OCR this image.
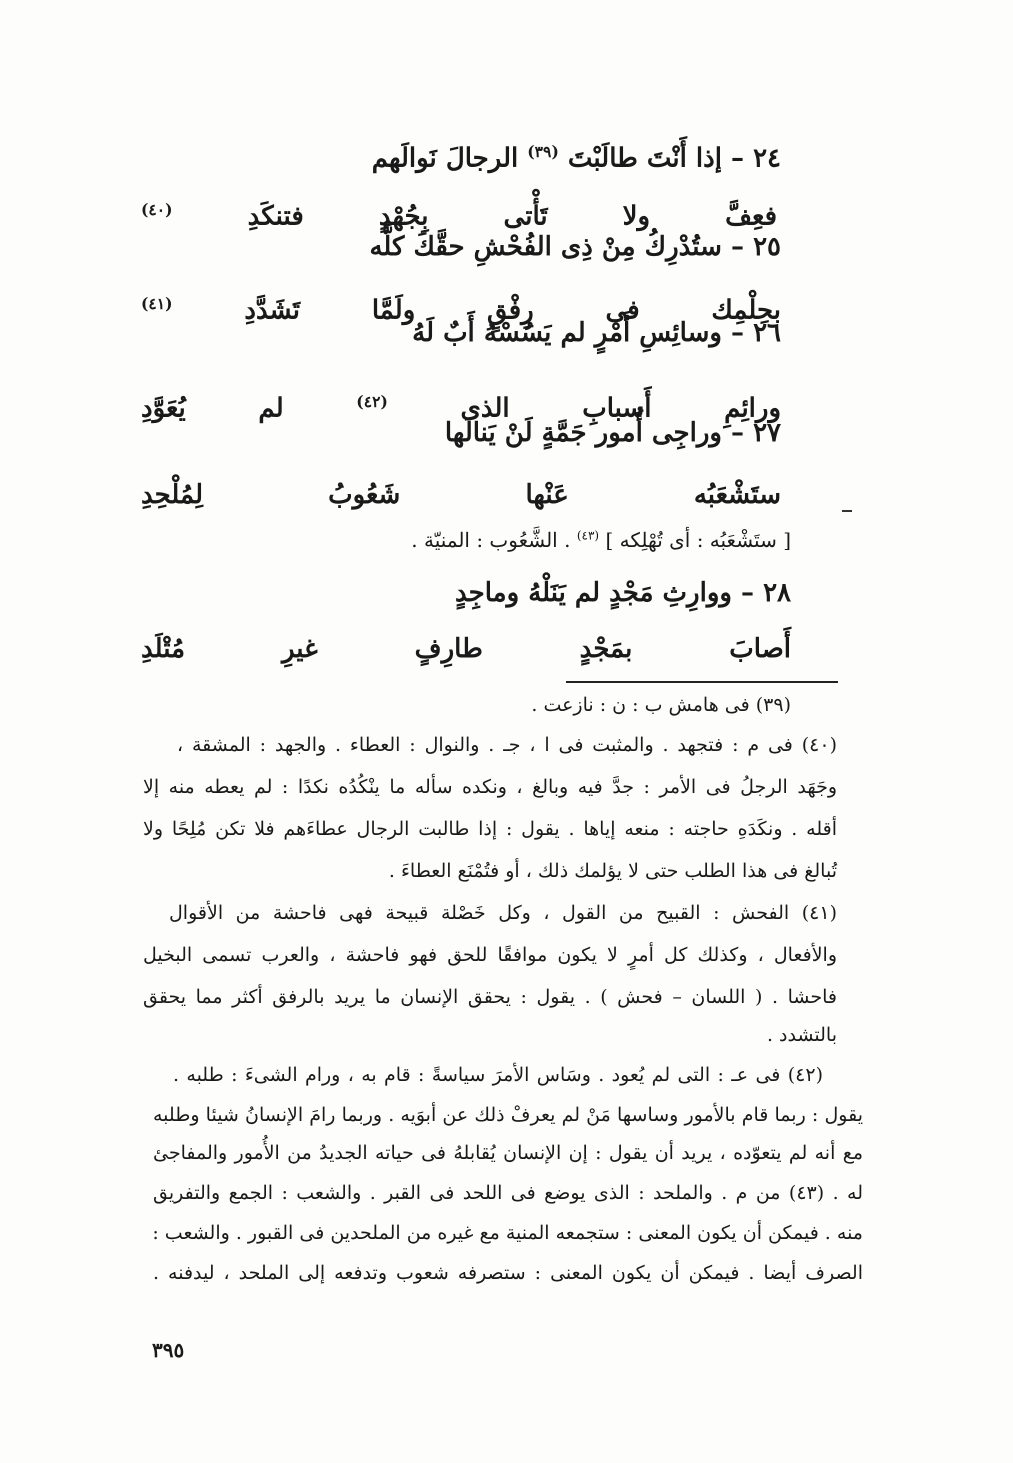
٢٤ – إذا أَنْتَ طالَبْتَ $^{(٣٩)}$ الرجالَ نَوالَهم
فعِفَّ ولا تَأْتى بِجُهْدٍ فتنكَدِ $^{(٤٠)}$
٢٥ – ستُدْرِكُ مِنْ ذِى الفُحْشِ حقَّكَ كلَّه
بحِلْمِك فى رِفْقٍ ولَمَّا تَشَدَّدِ $^{(٤١)}$
٢٦ – وسائِسِ أَمْرٍ لم يَسُسْهُ أَبٌ لَهُ
ورائِمِ أَسبابِ الذى $^{(٤٢)}$ لم يُعَوَّدِ
٢٧ – وراجِى أُمور جَمَّةٍ لَنْ يَنالَها
ستَشْعَبُه عَنْها شَعُوبُ لِمُلْحِدِ
[ ستَشْعَبُه : أى تُهْلِكه ] $^{(٤٣)}$ . الشَّعُوب : المنيّة .
٢٨ – ووارِثِ مَجْدٍ لم يَنَلْهُ وماجِدٍ
أَصابَ بمَجْدٍ طارِفٍ غيرِ مُتْلَدِ
(٣٩) فى هامش ب : ن : نازعت .
(٤٠) فى م : فتجهد . والمثبت فى ا ، جـ . والنوال : العطاء . والجهد : المشقة ،
وجَهَد الرجلُ فى الأمر : جدَّ فيه وبالغ ، ونكده سأله ما ينْكُدُه نكدًا : لم يعطه منه إلا
أقله . ونكَدَهِ حاجته : منعه إياها . يقول : إذا طالبت الرجال عطاءَهم فلا تكن مُلِحًا ولا
تُبالغ فى هذا الطلب حتى لا يؤلمك ذلك ، أو فتُمْنَع العطاءَ .
(٤١) الفحش : القبيح من القول ، وكل خَصْلة قبيحة فهى فاحشة من الأقوال
والأفعال ، وكذلك كل أمرٍ لا يكون موافقًا للحق فهو فاحشة ، والعرب تسمى البخيل
فاحشا . ( اللسان – فحش ) . يقول : يحقق الإنسان ما يريد بالرفق أكثر مما يحقق
بالتشدد .
(٤٢) فى عـ : التى لم يُعود . وسَاس الأمرَ سياسةً : قام به ، ورام الشىءَ : طلبه .
يقول : ربما قام بالأمور وساسها مَنْ لم يعرفْ ذلك عن أبوَيه . وربما رامَ الإنسانُ شيئا وطلبه
مع أنه لم يتعوّده ، يريد أن يقول : إن الإنسان يُقابلهُ فى حياته الجديدُ من الأُمور والمفاجئ
له . (٤٣) من م . والملحد : الذى يوضع فى اللحد فى القبر . والشعب : الجمع والتفريق
منه . فيمكن أن يكون المعنى : ستجمعه المنية مع غيره من الملحدين فى القبور . والشعب :
الصرف أيضا . فيمكن أن يكون المعنى : ستصرفه شعوب وتدفعه إلى الملحد ، ليدفنه .
٣٩٥
